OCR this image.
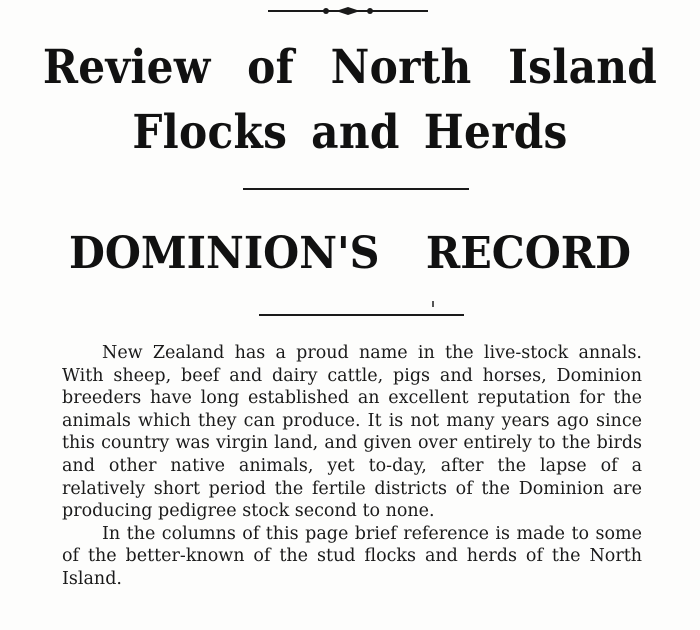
Review of North Island
Flocks and Herds
DOMINION'S RECORD

New Zealand has a proud name in the live-stock annals. With sheep, beef and dairy cattle, pigs and horses, Dominion breeders have long established an excellent reputation for the animals which they can produce. It is not many years ago since this country was virgin land, and given over entirely to the birds and other native animals, yet to-day, after the lapse of a relatively short period the fertile districts of the Dominion are producing pedigree stock second to none.

In the columns of this page brief reference is made to some of the better-known of the stud flocks and herds of the North Island.
